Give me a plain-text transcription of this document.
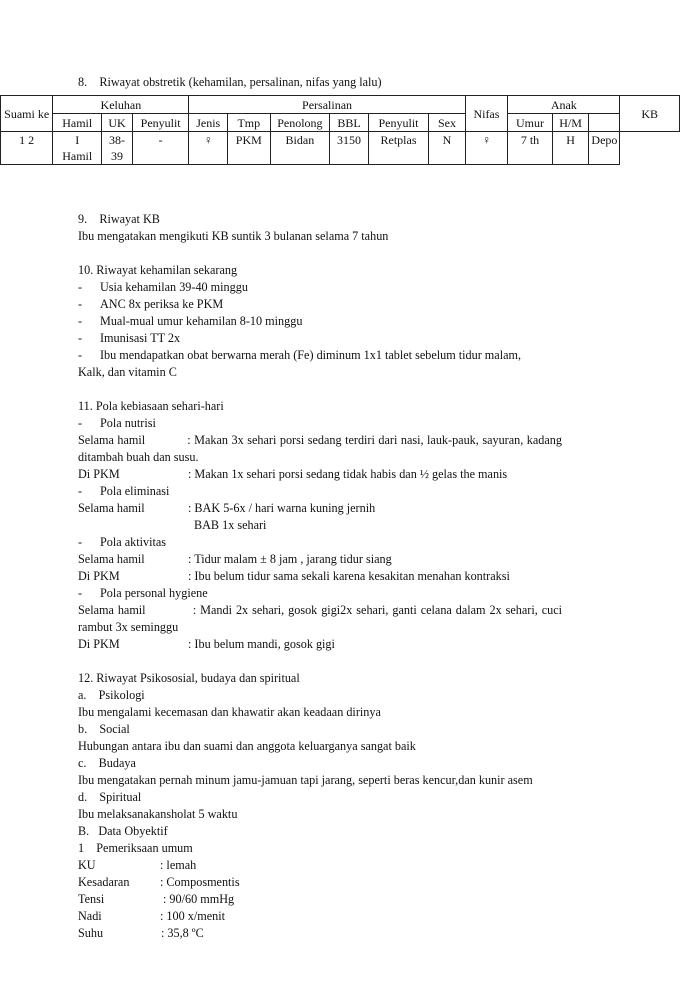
8.    Riwayat obstretik (kehamilan, persalinan, nifas yang lalu)
Suami ke	Keluhan			Persalinan						Nifas	Anak			KB
	Hamil	UK	Penyulit	Jenis	Tmp	Penolong	BBL	Penyulit	Sex		Umur	H/M		
1 2	I Hamil	38-39	-	♀	PKM	Bidan	3150	Retplas	N	♀	7 th	H	Depo	
9.    Riwayat KB
Ibu mengatakan mengikuti KB suntik 3 bulanan selama 7 tahun
10. Riwayat kehamilan sekarang
- Usia kehamilan 39-40 minggu
- ANC 8x periksa ke PKM
- Mual-mual umur kehamilan 8-10 minggu
- Imunisasi TT 2x
- Ibu mendapatkan obat berwarna merah (Fe) diminum 1x1 tablet sebelum tidur malam,
Kalk, dan vitamin C
11. Pola kebiasaan sehari-hari
- Pola nutrisi
Selama hamil            : Makan 3x sehari porsi sedang terdiri dari nasi, lauk-pauk, sayuran, kadang ditambah buah dan susu.
Di PKM	: Makan 1x sehari porsi sedang tidak habis dan ½ gelas the manis
- Pola eliminasi
Selama hamil	: BAK 5-6x / hari warna kuning jernih
BAB 1x sehari
- Pola aktivitas
Selama hamil	: Tidur malam ± 8 jam , jarang tidur siang
Di PKM	: Ibu belum tidur sama sekali karena kesakitan menahan kontraksi
- Pola personal hygiene
Selama hamil            : Mandi 2x sehari, gosok gigi2x sehari, ganti celana dalam 2x sehari, cuci rambut 3x seminggu
Di PKM	: Ibu belum mandi, gosok gigi
12. Riwayat Psikososial, budaya dan spiritual
a.    Psikologi
Ibu mengalami kecemasan dan khawatir akan keadaan dirinya
b.    Social
Hubungan antara ibu dan suami dan anggota keluarganya sangat baik
c.    Budaya
Ibu mengatakan pernah minum jamu-jamuan tapi jarang, seperti beras kencur,dan kunir asem
d.    Spiritual
Ibu melaksanakansholat 5 waktu
B.   Data Obyektif
1    Pemeriksaan umum
KU	: lemah
Kesadaran	: Composmentis
Tensi	: 90/60 mmHg
Nadi	: 100 x/menit
Suhu	: 35,8 ºC
